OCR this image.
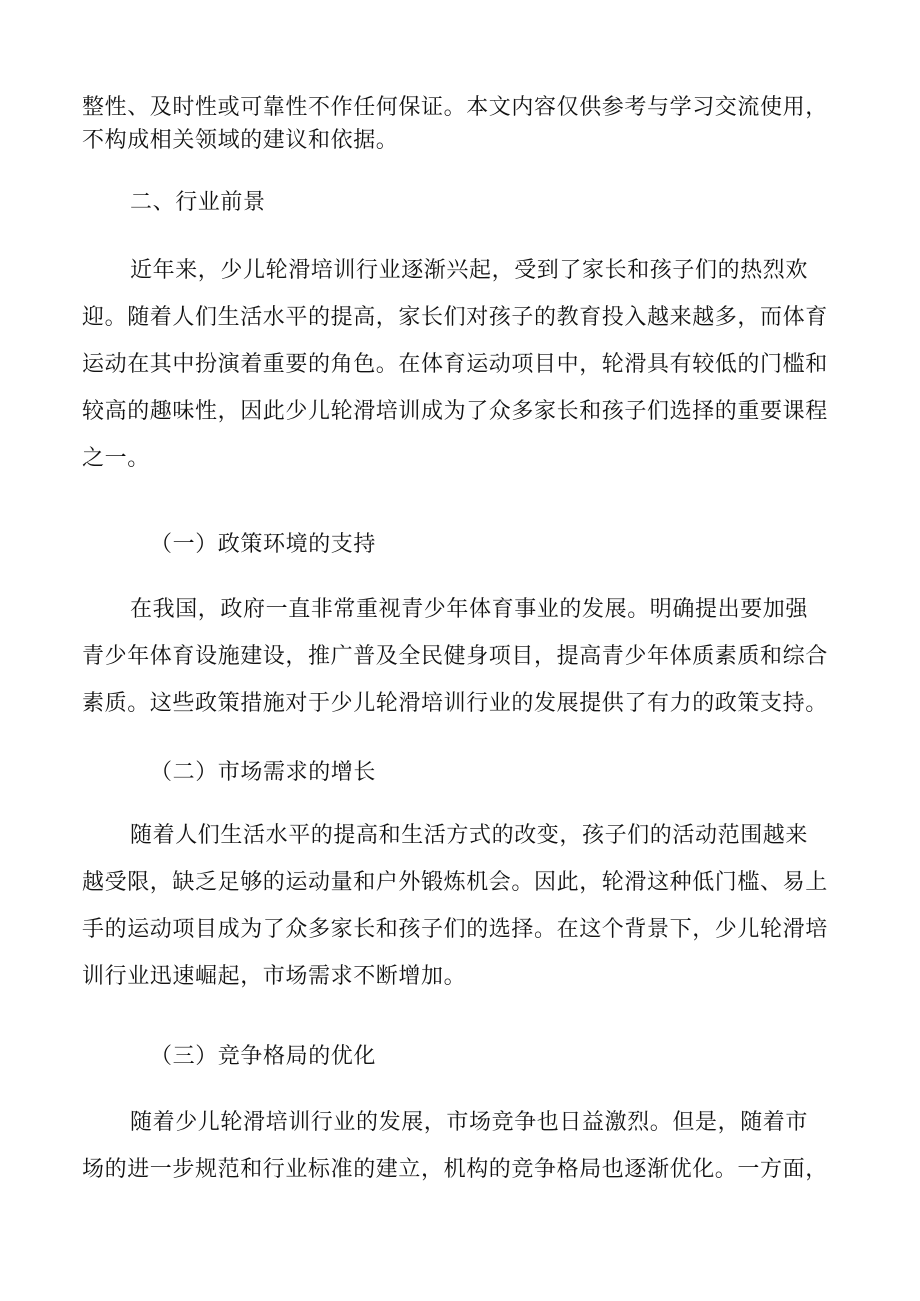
整性、及时性或可靠性不作任何保证。本文内容仅供参考与学习交流使用，
不构成相关领域的建议和依据。
二、行业前景
近年来，少儿轮滑培训行业逐渐兴起，受到了家长和孩子们的热烈欢
迎。随着人们生活水平的提高，家长们对孩子的教育投入越来越多，而体育
运动在其中扮演着重要的角色。在体育运动项目中，轮滑具有较低的门槛和
较高的趣味性，因此少儿轮滑培训成为了众多家长和孩子们选择的重要课程
之一。
（一）政策环境的支持
在我国，政府一直非常重视青少年体育事业的发展。明确提出要加强
青少年体育设施建设，推广普及全民健身项目，提高青少年体质素质和综合
素质。这些政策措施对于少儿轮滑培训行业的发展提供了有力的政策支持。
（二）市场需求的增长
随着人们生活水平的提高和生活方式的改变，孩子们的活动范围越来
越受限，缺乏足够的运动量和户外锻炼机会。因此，轮滑这种低门槛、易上
手的运动项目成为了众多家长和孩子们的选择。在这个背景下，少儿轮滑培
训行业迅速崛起，市场需求不断增加。
（三）竞争格局的优化
随着少儿轮滑培训行业的发展，市场竞争也日益激烈。但是，随着市
场的进一步规范和行业标准的建立，机构的竞争格局也逐渐优化。一方面，
